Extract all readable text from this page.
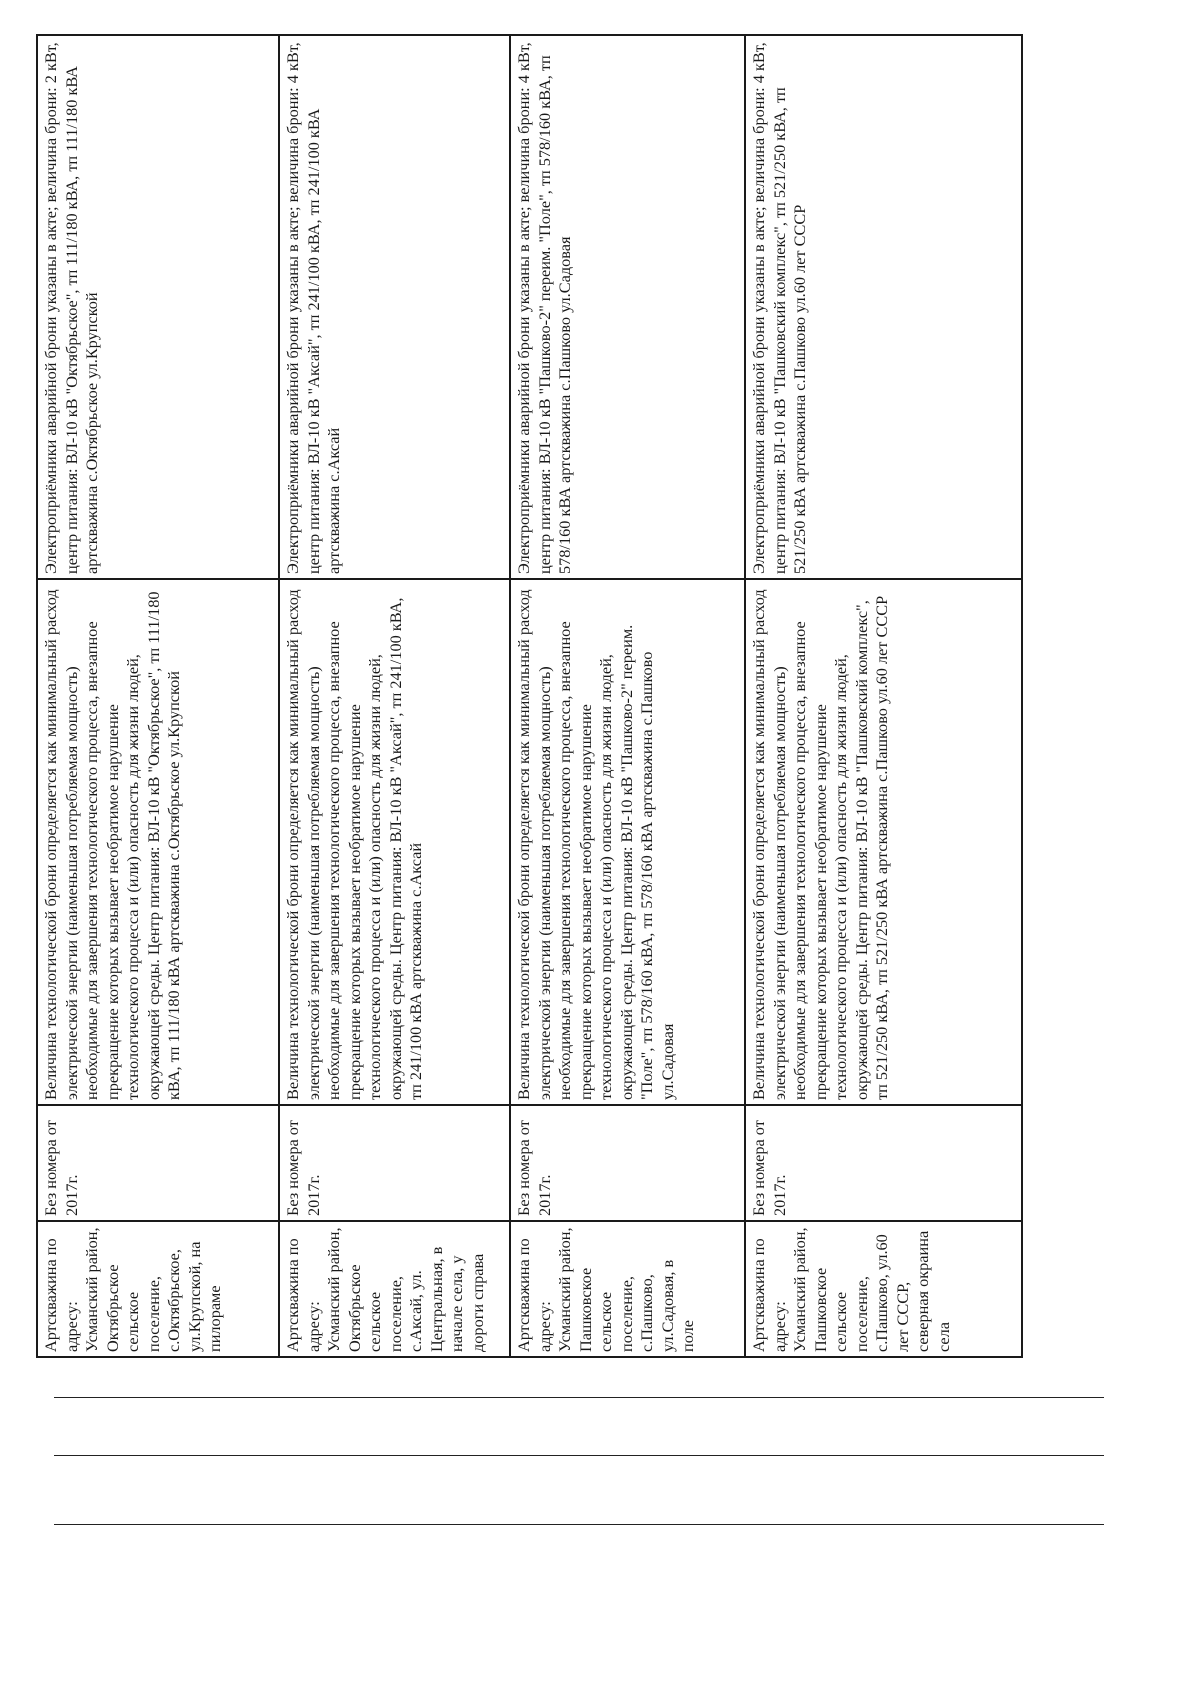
Артскважина по адресу: Усманский район, Октябрьское сельское поселение, с.Октябрьское, ул.Крупской, на пилораме	Без номера от 2017г.	Величина технологической брони определяется как минимальный расход электрической энергии (наименьшая потребляемая мощность) необходимые для завершения технологического процесса, внезапное прекращение которых вызывает необратимое нарушение технологического процесса и (или) опасность для жизни людей, окружающей среды. Центр питания: ВЛ-10 кВ "Октябрьское", тп 111/180 кВА, тп 111/180 кВА артскважина с.Октябрьское ул.Крупской	Электроприёмники аварийной брони указаны в акте; величина брони: 2 кВт, центр питания: ВЛ-10 кВ "Октябрьское", тп 111/180 кВА, тп 111/180 кВА артскважина с.Октябрьское ул.Крупской
Артскважина по адресу: Усманский район, Октябрьское сельское поселение, с.Аксай, ул. Центральная, в начале села, у дороги справа	Без номера от 2017г.	Величина технологической брони определяется как минимальный расход электрической энергии (наименьшая потребляемая мощность) необходимые для завершения технологического процесса, внезапное прекращение которых вызывает необратимое нарушение технологического процесса и (или) опасность для жизни людей, окружающей среды. Центр питания: ВЛ-10 кВ "Аксай", тп 241/100 кВА, тп 241/100 кВА артскважина с.Аксай	Электроприёмники аварийной брони указаны в акте; величина брони: 4 кВт, центр питания: ВЛ-10 кВ "Аксай", тп 241/100 кВА, тп 241/100 кВА артскважина с.Аксай
Артскважина по адресу: Усманский район, Пашковское сельское поселение, с.Пашково, ул.Садовая, в поле	Без номера от 2017г.	Величина технологической брони определяется как минимальный расход электрической энергии (наименьшая потребляемая мощность) необходимые для завершения технологического процесса, внезапное прекращение которых вызывает необратимое нарушение технологического процесса и (или) опасность для жизни людей, окружающей среды. Центр питания: ВЛ-10 кВ "Пашково-2" переим. "Поле", тп 578/160 кВА, тп 578/160 кВА артскважина с.Пашково ул.Садовая	Электроприёмники аварийной брони указаны в акте; величина брони: 4 кВт, центр питания: ВЛ-10 кВ "Пашково-2" переим. "Поле", тп 578/160 кВА, тп 578/160 кВА артскважина с.Пашково ул.Садовая
Артскважина по адресу: Усманский район, Пашковское сельское поселение, с.Пашково, ул.60 лет СССР, северная окраина села	Без номера от 2017г.	Величина технологической брони определяется как минимальный расход электрической энергии (наименьшая потребляемая мощность) необходимые для завершения технологического процесса, внезапное прекращение которых вызывает необратимое нарушение технологического процесса и (или) опасность для жизни людей, окружающей среды. Центр питания: ВЛ-10 кВ "Пашковский комплекс", тп 521/250 кВА, тп 521/250 кВА артскважина с.Пашково ул.60 лет СССР	Электроприёмники аварийной брони указаны в акте; величина брони: 4 кВт, центр питания: ВЛ-10 кВ "Пашковский комплекс", тп 521/250 кВА, тп 521/250 кВА артскважина с.Пашково ул.60 лет СССР
